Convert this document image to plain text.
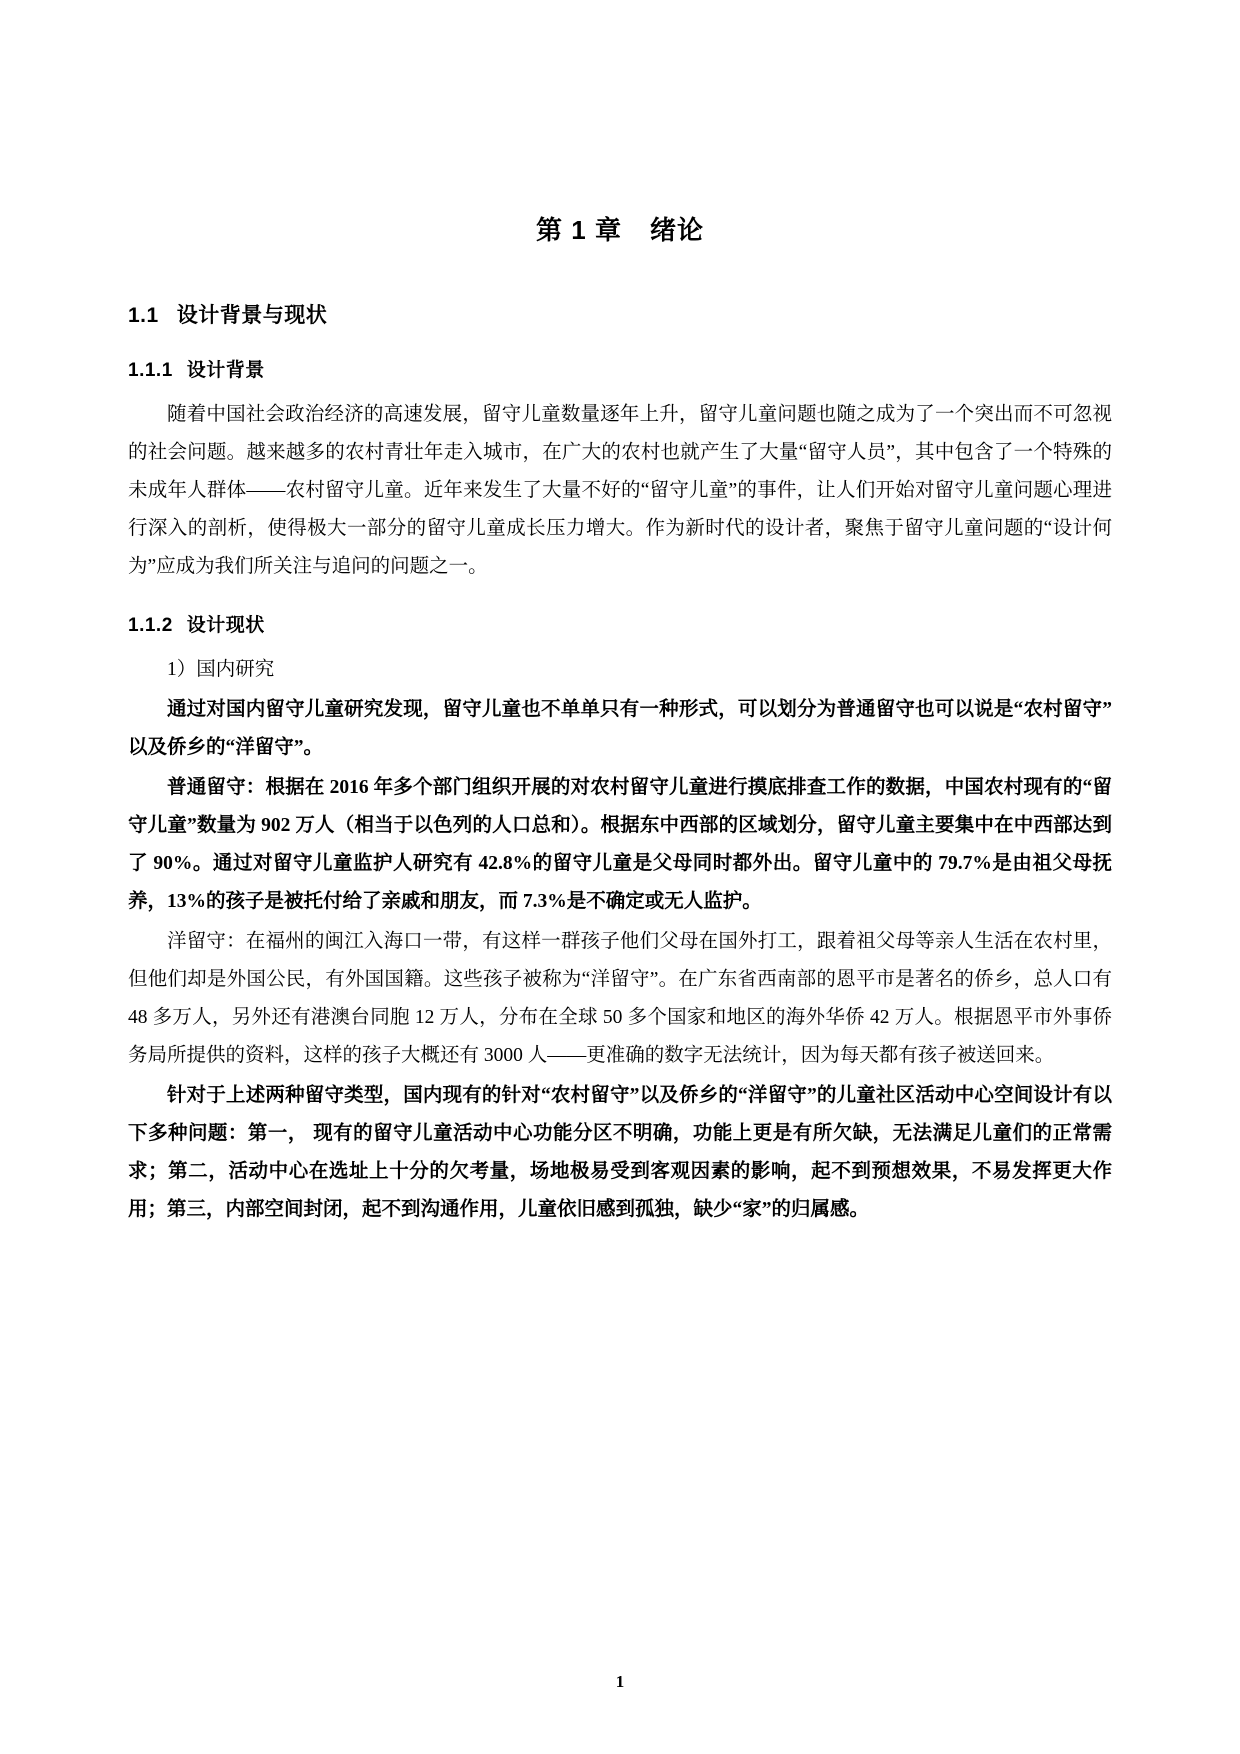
第 1 章 绪论
1.1 设计背景与现状
1.1.1 设计背景

随着中国社会政治经济的高速发展，留守儿童数量逐年上升，留守儿童问题也随之成为了一个突出而不可忽视的社会问题。越来越多的农村青壮年走入城市，在广大的农村也就产生了大量“留守人员”，其中包含了一个特殊的未成年人群体——农村留守儿童。近年来发生了大量不好的“留守儿童”的事件，让人们开始对留守儿童问题心理进行深入的剖析，使得极大一部分的留守儿童成长压力增大。作为新时代的设计者，聚焦于留守儿童问题的“设计何为”应成为我们所关注与追问的问题之一。

1.1.2 设计现状

1）国内研究

通过对国内留守儿童研究发现，留守儿童也不单单只有一种形式，可以划分为普通留守也可以说是“农村留守”以及侨乡的“洋留守”。

普通留守：根据在 2016 年多个部门组织开展的对农村留守儿童进行摸底排查工作的数据，中国农村现有的“留守儿童”数量为 902 万人（相当于以色列的人口总和）。根据东中西部的区域划分，留守儿童主要集中在中西部达到了 90%。通过对留守儿童监护人研究有 42.8%的留守儿童是父母同时都外出。留守儿童中的 79.7%是由祖父母抚养，13%的孩子是被托付给了亲戚和朋友，而 7.3%是不确定或无人监护。

洋留守：在福州的闽江入海口一带，有这样一群孩子他们父母在国外打工，跟着祖父母等亲人生活在农村里，但他们却是外国公民，有外国国籍。这些孩子被称为“洋留守”。在广东省西南部的恩平市是著名的侨乡，总人口有 48 多万人，另外还有港澳台同胞 12 万人，分布在全球 50 多个国家和地区的海外华侨 42 万人。根据恩平市外事侨务局所提供的资料，这样的孩子大概还有 3000 人——更准确的数字无法统计，因为每天都有孩子被送回来。

针对于上述两种留守类型，国内现有的针对“农村留守”以及侨乡的“洋留守”的儿童社区活动中心空间设计有以下多种问题：第一， 现有的留守儿童活动中心功能分区不明确，功能上更是有所欠缺，无法满足儿童们的正常需求；第二，活动中心在选址上十分的欠考量，场地极易受到客观因素的影响，起不到预想效果，不易发挥更大作用；第三，内部空间封闭，起不到沟通作用，儿童依旧感到孤独，缺少“家”的归属感。

1
